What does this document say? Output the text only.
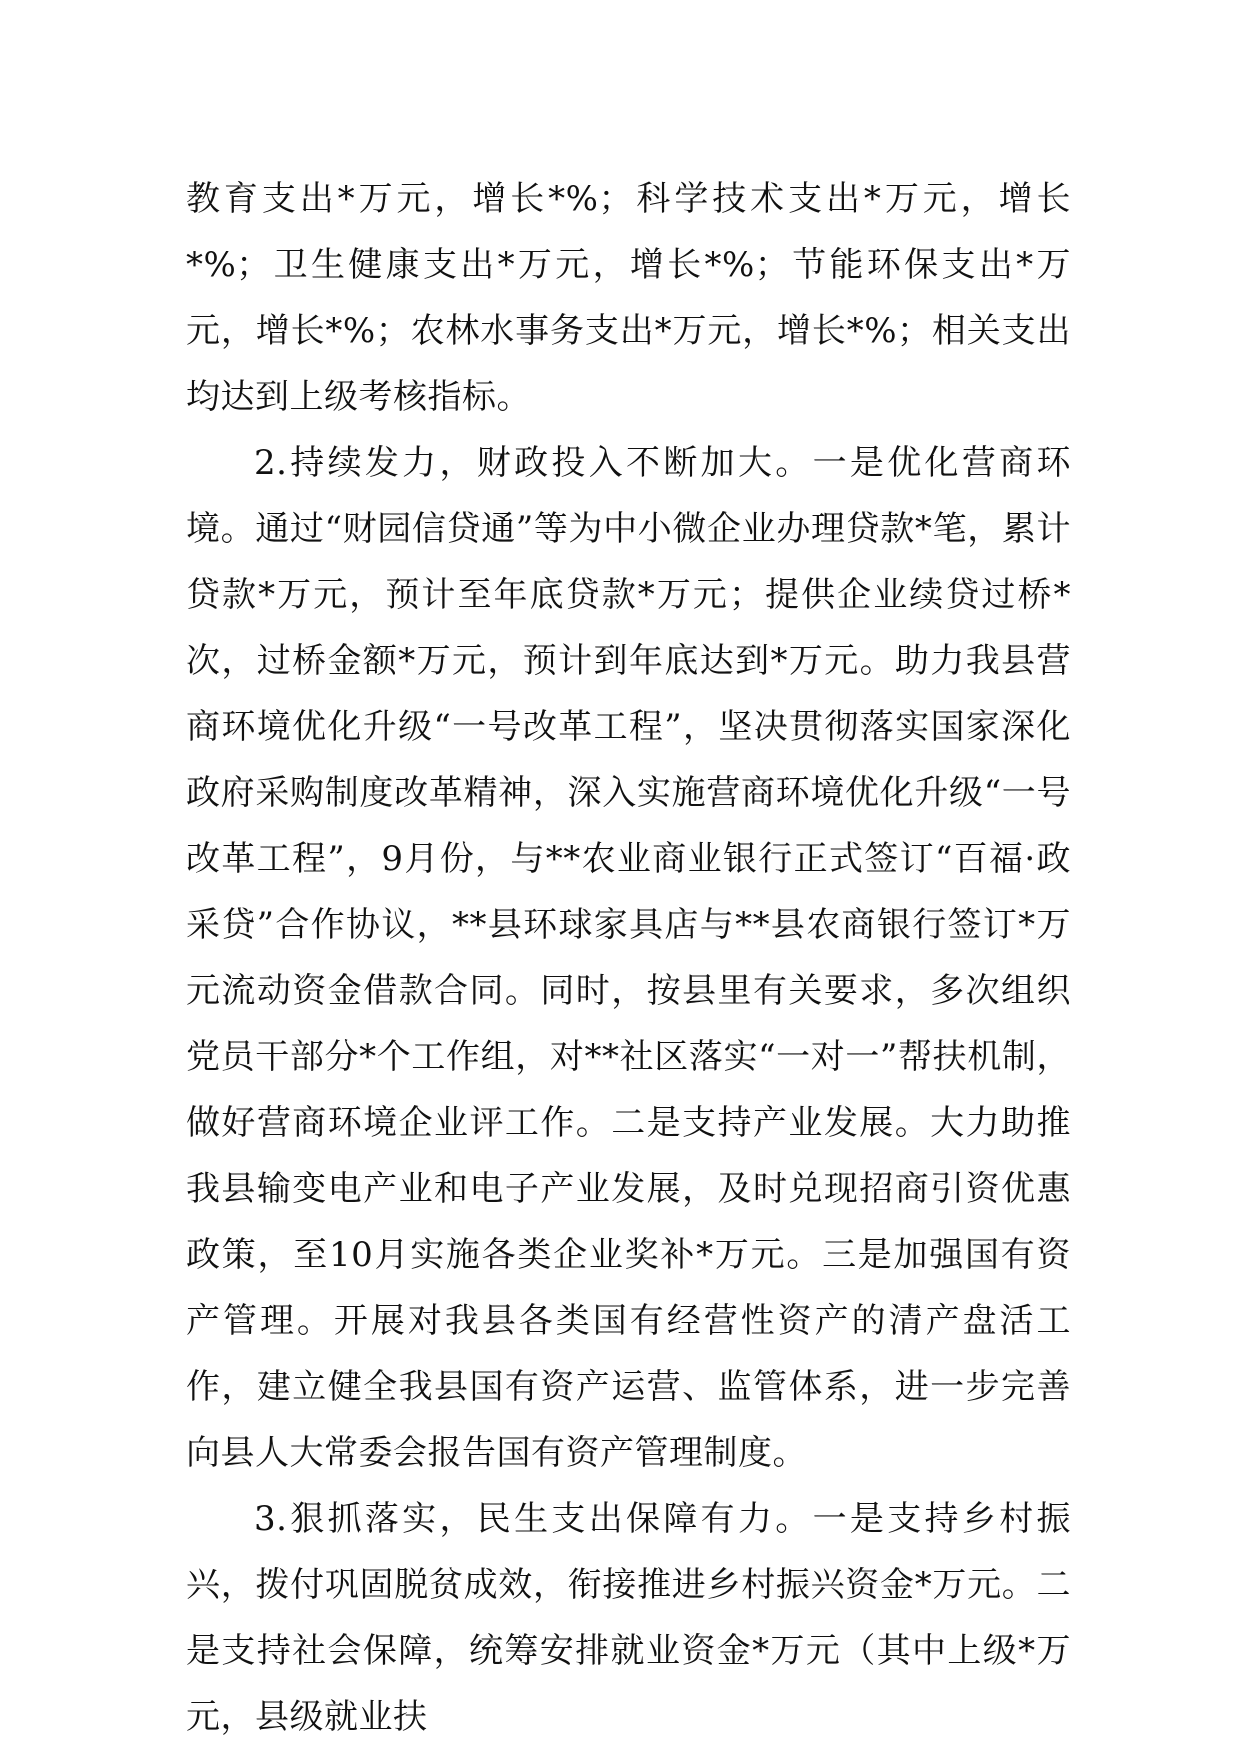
教育支出*万元，增长*%；科学技术支出*万元，增长*%；卫生健康支出*万元，增长*%；节能环保支出*万元，增长*%；农林水事务支出*万元，增长*%；相关支出均达到上级考核指标。

2.持续发力，财政投入不断加大。一是优化营商环境。通过“财园信贷通”等为中小微企业办理贷款*笔，累计贷款*万元，预计至年底贷款*万元；提供企业续贷过桥*次，过桥金额*万元，预计到年底达到*万元。助力我县营商环境优化升级“一号改革工程”，坚决贯彻落实国家深化政府采购制度改革精神，深入实施营商环境优化升级“一号改革工程”，9月份，与**农业商业银行正式签订“百福·政采贷”合作协议，**县环球家具店与**县农商银行签订*万元流动资金借款合同。同时，按县里有关要求，多次组织党员干部分*个工作组，对**社区落实“一对一”帮扶机制，做好营商环境企业评工作。二是支持产业发展。大力助推我县输变电产业和电子产业发展，及时兑现招商引资优惠政策，至10月实施各类企业奖补*万元。三是加强国有资产管理。开展对我县各类国有经营性资产的清产盘活工作，建立健全我县国有资产运营、监管体系，进一步完善向县人大常委会报告国有资产管理制度。

3.狠抓落实，民生支出保障有力。一是支持乡村振兴，拨付巩固脱贫成效，衔接推进乡村振兴资金*万元。二是支持社会保障，统筹安排就业资金*万元（其中上级*万元，县级就业扶
